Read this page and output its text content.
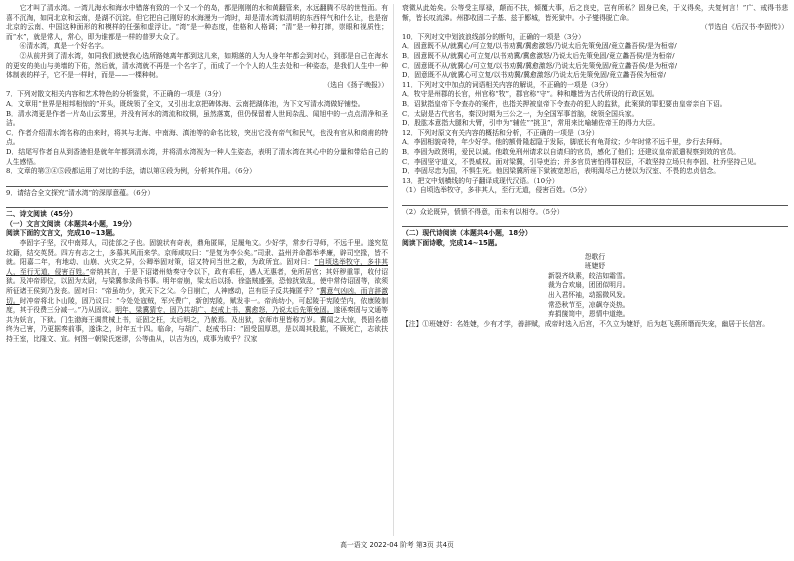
它才叫了清水湾。一湾儿海水和海水中错落有致的一个又一个的岛，都是刚刚的水和黄翻管来，水远翻腾不尽的世性而。有喜不沉淘，如同北京和云南，是湖不沉淀。但它把自己刚好的水海漫为一湾时，却是清水湾似清明的东西样气和什么让，也是宿北京的云南、中国这种面形的和模样的任强和虚浮让。“湾”是一种态度，佳格和人格调；“清”是一种打摔，崇眼和视质性；而“水”，就是常人，常心，即为谁都是一样的普罗大众了。

⑥清水湾，真是一个好名字。

②从前并到了清水湾，如同我们就使我心选所路她离年都到这儿来，如期落的人为人身年年都会到对心，到那是自己在海水的更安的美山与美墙的下佑，然后就，清水湾就不再是一个名字了，而成了一个个人的人生去处和一种姿态，是我们人生中一种体制表的样子，它不是一样时，而是——一棵种树。

（选自《扬子晚报》）

7．下列对散文相关内容和艺术特色的分析鉴赏，不正确的一项是（3分）

A．文章用“世界是相邦相惊的”开头，既统领了全文，又引出北京把碑体海、云南把湖体池，为下文写清水湾做好铺垫。

B．清水湾更是作者一片岛山云雾里，并没有河水的湾流和纹铜，虽然落寞，但仍保留着人世间杂乱、闻旭中的一点点清净和圣洁。

C．作者介绍清水湾名称的由来时，将其与北海、中南海、滇池等的命名比较，突出它没有帝气和民气，也没有官从和商甫的特点。

D．结尾写作者自从到香港但是就年年都到清水湾，并将清水湾视为一种人生姿态，表明了清水湾在其心中的分量和带给自己的人生感悟。

8．文章的第③④⑤段都运用了对比的手法，请以第④段为例，分析其作用。（6分）

9．请结合全文探究“清水湾”的深厚意蕴。（6分）

二、诗文阅读（45分）

（一）文言文阅读（本题共4小题，19分）

阅读下面的文言文，完成10~13题。

李固字子坚，汉中南郑人，司徒郃之子也。固貌状有奇表，鼎角匿犀，足履龟文。少好学，常步行寻师，不远千里。遂究览坟籍，结交英贤。四方有志之士，多慕其风而来学。京师咸叹曰：“是复为李公矣。”司隶、益州并命郡举孝廉，辟司空掾，皆不就。阳嘉二年，有地动、山崩、火灾之异，公卿举固对策，诏又特问当世之敝，为政所宜。固对曰：“自顷选举牧守，多非其人，至行无道，侵害百姓。”帝纳其言，于是下诏诸州劾奏守令以下，政有乖枉，遇人无惠者，免所居官；其奸秽重罪，收付诏狱。及冲帝即位，以固为太尉，与梁冀参录尚书事。明年帝崩，梁太后以扬、徐盗贼盛强，恐惊扰致乱，使中常侍诏固等，欲须所征诸王侯到乃发丧。固对曰：“帝虽幼少，犹天下之父。今日崩亡，人神感动，岂有臣子反共掩匿乎？”冀意气凶凶，而言辞激切。时冲帝将北卜山陵，固乃议曰：“今处处寇贼，军兴费广，新创宪陵，赋发非一。帝尚幼小，可起陵于宪陵茔内，依康陵制度，其于役费三分减一。”乃从固议。明年，梁冀猜专，固乃共胡广、赵戒上书，冀愈怒，乃说太后先策免固。遂诬奏固与文通等共为妖言，下狱。门生渤海王调贯械上书，证固之枉，太后明之，乃赦焉。及出狱，京师市里皆称万岁。冀闻之大惊，畏固名德终为己害，乃更据奏前事，遂诛之，时年五十四。临命，与胡广、赵戒书曰：“固受国厚恩，是以竭其股肱，不顾死亡，志欲扶持王室，比隆文、宣。何图一朝梁氏迷谬，公等曲从，以吉为凶，成事为败乎？汉家

衰微从此始矣。公等受主厚禄，颠而不扶，倾覆大事，后之良史，岂有所私？固身已矣，于义得矣，夫复何言！”广、戒得书悲惭，皆长叹流涕。州郡收固二子基、兹于郾城，皆死狱中。小子燮得脱亡命。

（节选自《后汉书·李固传》）

10．下列对文中划波浪线部分的断句，正确的一项是（3分）

A．固意既不从/就冀心/可立复/以书劝冀/冀愈激怒/乃说太后先策免固/竟立蠡吾侯/是为桓帝/

B．固意既不从/就冀心可立复/以书劝冀/冀愈激怒/乃说太后先策免固/竟立蠡吾侯/是为桓帝/

C．固意既不从/就冀心/可立复/以书劝冀/冀愈激怒/乃说太后先策免固/竟立蠡吾侯/是为桓帝/

D．固意既不从/就冀心可立复/以书劝冀/冀愈激怒/乃说太后先策免固/竟立蠡吾侯为桓帝/

11．下列对文中加点的词语相关内容的解说，不正确的一项是（3分）

A．牧守是州郡的长官，州官称“牧”，郡官称“守”。种和雕皆为古代所设的行政区划。

B．诏狱指皇帝下令查办的案件，也指关押被皇帝下令查办的犯人的监狱，此案狱的罪犯要由皇帝亲自下诏。

C．太尉是古代官名，秦汉时期为三公之一，为全国军事首脑，统领全国兵家。

D．股肱本意指大腿和大臂，引申为“辅佐”“挑卫”，常用来比喻辅佐帝王的得力大臣。

12．下列对原文有关内容的概括和分析，不正确的一项是（3分）

A．李固相貌奇特，年少好学。他的额骨隆起隐于发际，脚底长有龟背纹；少年时常不远千里，步行去拜师。

B．李固为政贤明，爱民以诚。他敢免刑州请求以自请归的官员，感化了他们；还建议皇帝派遣视察到效的官员。

C．李固坚守道义，不畏威权。面对梁冀，引导吏治；并多官员害怕得罪权臣，不敢坚持立场只有李固、杜乔坚持己见。

D．李固尽忠为国，不惧生死。他因梁冀所诬下狱被宽恕后，表明渴尽己力使以为汉室、不畏的忠贞信念。

13．把文中划横线的句子翻译成现代汉语。（10分）

（1）自顷选举牧守，多非其人，至行无道，侵害百姓。（5分）

（2）众论既异，愤愤不得意，而未有以相夺。（5分）

（二）现代诗阅读（本题共4小题，18分）

阅读下面诗歌，完成14~15题。

怨歌行

班婕妤

新裂齐纨素，皎洁如霜雪。

裁为合欢扇，团团似明月。

出入君怀袖，动摇微风发。

常恐秋节至，凉飙夺炎热。

弃捐箧笥中，恩情中道绝。

【注】①班婕妤：名姓婕，少有才学，善辞赋，成帝时选入后宫，不久立为婕妤，后为赵飞燕所谮而失宠，幽居于长信宫。

高一语文 2022-04 阶考 第3页 共4页
